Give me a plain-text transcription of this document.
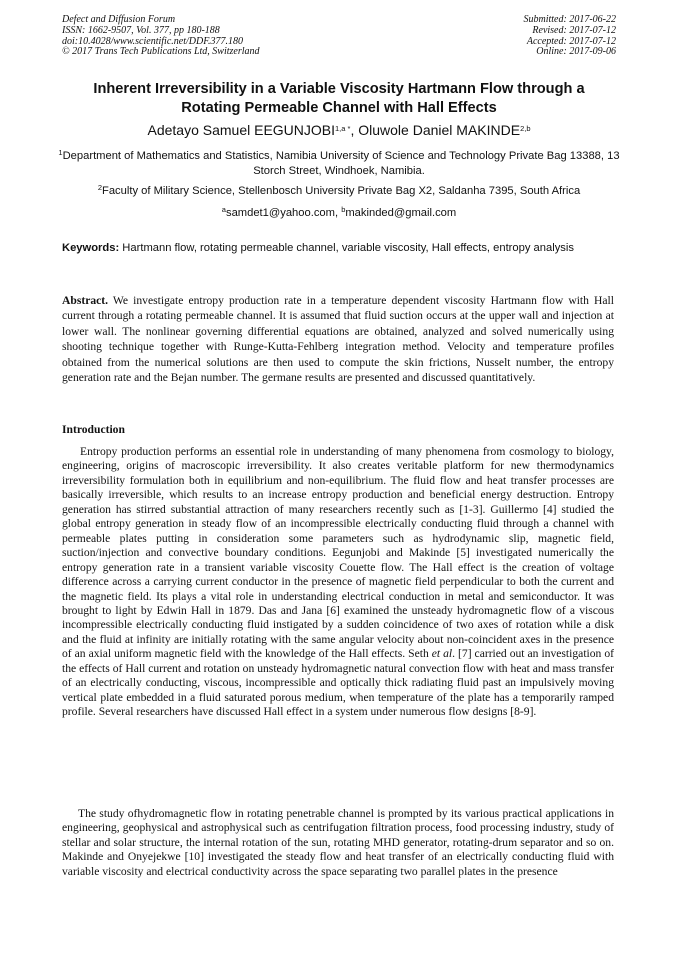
Defect and Diffusion Forum
ISSN: 1662-9507, Vol. 377, pp 180-188
doi:10.4028/www.scientific.net/DDF.377.180
© 2017 Trans Tech Publications Ltd, Switzerland
Submitted: 2017-06-22
Revised: 2017-07-12
Accepted: 2017-07-12
Online: 2017-09-06
Inherent Irreversibility in a Variable Viscosity Hartmann Flow through a
Rotating Permeable Channel with Hall Effects
Adetayo Samuel $EEGUNJOBI^{1,a *}$, Oluwole Daniel MAKINDE$^{2,b}$
$^1$Department of Mathematics and Statistics, Namibia University of Science and Technology Private Bag 13388, 13 Storch Street, Windhoek, Namibia.
$^2$Faculty of Military Science, Stellenbosch University Private Bag X2, Saldanha 7395, South Africa
$^a$samdet1@yahoo.com, $^b$makinded@gmail.com
Keywords: Hartmann flow, rotating permeable channel, variable viscosity, Hall effects, entropy analysis
Abstract. We investigate entropy production rate in a temperature dependent viscosity Hartmann flow with Hall current through a rotating permeable channel. It is assumed that fluid suction occurs at the upper wall and injection at lower wall. The nonlinear governing differential equations are obtained, analyzed and solved numerically using shooting technique together with Runge-Kutta-Fehlberg integration method. Velocity and temperature profiles obtained from the numerical solutions are then used to compute the skin frictions, Nusselt number, the entropy generation rate and the Bejan number. The germane results are presented and discussed quantitatively.
Introduction
Entropy production performs an essential role in understanding of many phenomena from cosmology to biology, engineering, origins of macroscopic irreversibility. It also creates veritable platform for new thermodynamics irreversibility formulation both in equilibrium and non-equilibrium. The fluid flow and heat transfer processes are basically irreversible, which results to an increase entropy production and beneficial energy destruction. Entropy generation has stirred substantial attraction of many researchers recently such as [1-3]. Guillermo [4] studied the global entropy generation in steady flow of an incompressible electrically conducting fluid through a channel with permeable plates putting in consideration some parameters such as hydrodynamic slip, magnetic field, suction/injection and convective boundary conditions. Eegunjobi and Makinde [5] investigated numerically the entropy generation rate in a transient variable viscosity Couette flow. The Hall effect is the creation of voltage difference across a carrying current conductor in the presence of magnetic field perpendicular to both the current and the magnetic field. Its plays a vital role in understanding electrical conduction in metal and semiconductor. It was brought to light by Edwin Hall in 1879. Das and Jana [6] examined the unsteady hydromagnetic flow of a viscous incompressible electrically conducting fluid instigated by a sudden coincidence of two axes of rotation while a disk and the fluid at infinity are initially rotating with the same angular velocity about non-coincident axes in the presence of an axial uniform magnetic field with the knowledge of the Hall effects. Seth et al. [7] carried out an investigation of the effects of Hall current and rotation on unsteady hydromagnetic natural convection flow with heat and mass transfer of an electrically conducting, viscous, incompressible and optically thick radiating fluid past an impulsively moving vertical plate embedded in a fluid saturated porous medium, when temperature of the plate has a temporarily ramped profile. Several researchers have discussed Hall effect in a system under numerous flow designs [8-9].
The study ofhydromagnetic flow in rotating penetrable channel is prompted by its various practical applications in engineering, geophysical and astrophysical such as centrifugation filtration process, food processing industry, study of stellar and solar structure, the internal rotation of the sun, rotating MHD generator, rotating-drum separator and so on. Makinde and Onyejekwe [10] investigated the steady flow and heat transfer of an electrically conducting fluid with variable viscosity and electrical conductivity across the space separating two parallel plates in the presence
